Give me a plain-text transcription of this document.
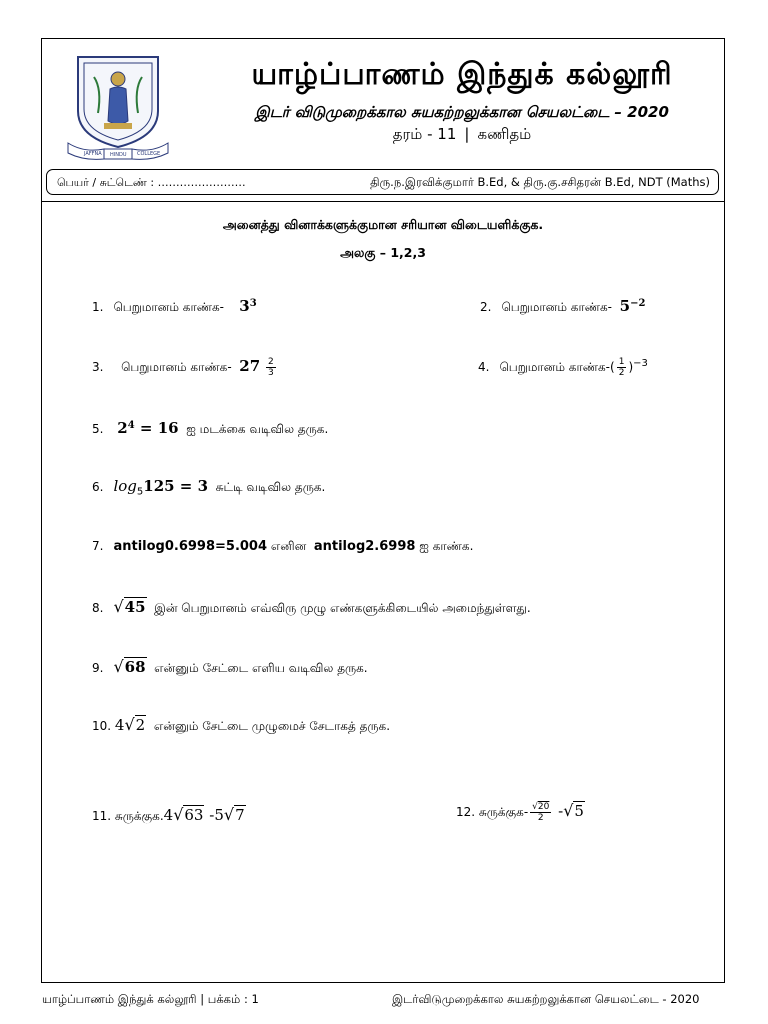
JAFFNA HINDU COLLEGE
யாழ்ப்பாணம் இந்துக் கல்லூரி
இடர் விடுமுறைக்கால சுயகற்றலுக்கான செயலட்டை – 2020
தரம் - 11 | கணிதம்
பெயர் / சுட்டெண் : ……………………	திரு.ந.இரவிக்குமார் B.Ed, & திரு.கு.சசிதரன் B.Ed, NDT (Maths)
அனைத்து வினாக்களுக்குமான சரியான விடையளிக்குக.
அலகு – 1,2,3
1. பெறுமானம் காண்க- $3^3$	2. பெறுமானம் காண்க- $5^{-2}$
3. பெறுமானம் காண்க- $27 \frac{2}{3}$	4. பெறுமானம் காண்க-( $\frac{1}{2} )^{-3}$
5. $2^4 = 16$ ஐ மடக்கை வடிவில தருக.
6. $\log_5125 = 3$ சுட்டி வடிவில தருக.
7. antilog0.6998=5.004 எனின antilog2.6998 ஐ காண்க.
8. √45 இன் பெறுமானம் எவ்விரு முழு எண்களுக்கிடையில் அமைந்துள்ளது.
9. √68 என்னும் சேட்டை எளிய வடிவில தருக.
10. 4√2 என்னும் சேட்டை முழுமைச் சேடாகத் தருக.
11. சுருக்குக.4√63 -5√7	12. சுருக்குக- $\frac{√20}{2} -√5$
யாழ்ப்பாணம் இந்துக் கல்லூரி | பக்கம் : 1	இடர்விடுமுறைக்கால சுயகற்றலுக்கான செயலட்டை - 2020
